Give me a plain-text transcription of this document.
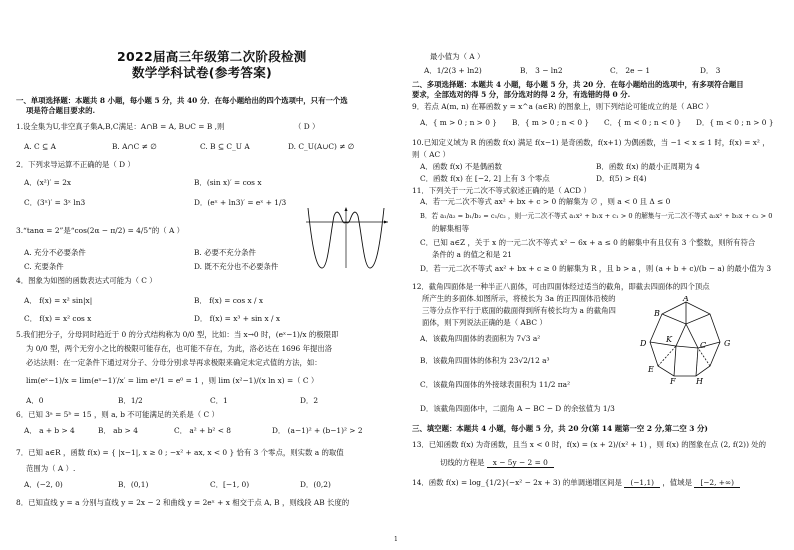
2022届高三年级第二次阶段检测
数学学科试卷(参考答案)
一、单项选择题：本题共 8 小题，每小题 5 分，共 40 分．在每小题给出的四个选项中，只有一个选
项是符合题目要求的.
1.设全集为U,非空真子集A,B,C满足：A∩B = A, B∪C = B ,则	（ D ）
A. C ⊆ A	B. A∩C ≠ ∅	C. B ⊆ C_U A	D. C_U(A∪C) ≠ ∅
2．下列求导运算不正确的是（ D ）
A．(x²)′ = 2x	B．(sin x)′ = cos x
C．(3ˣ)′ = 3ˣ ln3	D．(eˣ + ln3)′ = eˣ + 1/3
3.“tanα = 2”是“cos(2α − π/2) = 4/5”的（ A ）
A. 充分不必要条件	B. 必要不充分条件
C. 充要条件	D. 既不充分也不必要条件
4．图象为如图的函数表达式可能为（ C ）
A． f(x) = x² sin|x|	B． f(x) = cos x / x
C． f(x) = x² cos x	D． f(x) = x³ + sin x / x
5.我们把分子，分母同时趋近于 0 的分式结构称为 0/0 型，比如：当 x→0 时，(eˣ−1)/x 的极限即
为 0/0 型，两个无穷小之比的极限可能存在，也可能不存在，为此，洛必达在 1696 年提出洛
必达法则：在一定条件下通过对分子、分母分别求导再求极限来确定未定式值的方法，如：
lim(eˣ−1)/x = lim(eˣ−1)′/x′ = lim eˣ/1 = e⁰ = 1 ，则 lim (x²−1)/(x ln x) =（ C ）
A．0	B．1/2	C．1	D．2
6．已知 3ᵃ = 5ᵇ = 15 ，则 a, b 不可能满足的关系是（ C ）
A． a + b > 4	B． ab > 4	C． a² + b² < 8	D． (a−1)² + (b−1)² > 2
7．已知 a∈R ，函数 f(x) = { |x−1|, x ≥ 0 ; −x² + ax, x < 0 } 恰有 3 个零点，则实数 a 的取值
范围为（ A ）.
A．(−2, 0)	B．(0,1)	C．[−1, 0)	D．(0,2)
8．已知直线 y = a 分别与直线 y = 2x − 2 和曲线 y = 2eˣ + x 相交于点 A, B ，则线段 AB 长度的
最小值为（ A ）
A．1/2(3 + ln2)	B． 3 − ln2	C． 2e − 1	D． 3
二、多项选择题：本题共 4 小题，每小题 5 分，共 20 分．在每小题给出的选项中，有多项符合题目
要求，全部选对的得 5 分，部分选对的得 2 分，有选错的得 0 分.
9．若点 A(m, n) 在幂函数 y = x^a (a∈R) 的图象上，则下列结论可能成立的是（ ABC ）
A．{ m > 0 ; n > 0 } B．{ m > 0 ; n < 0 } C．{ m < 0 ; n < 0 } D．{ m < 0 ; n > 0 }
10.已知定义域为 R 的函数 f(x) 满足 f(x−1) 是奇函数，f(x+1) 为偶函数，当 −1 < x ≤ 1 时，f(x) = x² ，
则（ AC ）
A．函数 f(x) 不是偶函数	B．函数 f(x) 的最小正周期为 4
C．函数 f(x) 在 [−2, 2] 上有 3 个零点	D．f(5) > f(4)
11．下列关于一元二次不等式叙述正确的是（ ACD ）
A．若一元二次不等式 ax² + bx + c > 0 的解集为 ∅ ，则 a < 0 且 Δ ≤ 0
B．若 a₁/a₂ = b₁/b₂ = c₁/c₂ ，则一元二次不等式 a₁x² + b₁x + c₁ > 0 的解集与一元二次不等式 a₂x² + b₂x + c₂ > 0
的解集相等
C．已知 a∈Z ，关于 x 的一元二次不等式 x² − 6x + a ≤ 0 的解集中有且仅有 3 个整数，则所有符合
条件的 a 的值之和是 21
D．若一元二次不等式 ax² + bx + c ≥ 0 的解集为 R ，且 b > a ，则 (a + b + c)/(b − a) 的最小值为 3
12．截角四面体是一种半正八面体，可由四面体经过适当的截角，即截去四面体的四个顶点
所产生的多面体.如图所示，将棱长为 3a 的正四面体沿棱的
三等分点作平行于底面的截面得到所有棱长均为 a 的截角四
面体，则下列说法正确的是（ ABC ）
A．该截角四面体的表面积为 7√3 a²
B．该截角四面体的体积为 23√2/12 a³
C．该截角四面体的外接球表面积为 11/2 πa²
D．该截角四面体中，二面角 A − BC − D 的余弦值为 1/3
三、填空题：本题共 4 小题，每小题 5 分，共 20 分(第 14 题第一空 2 分,第二空 3 分)
13．已知函数 f(x) 为奇函数，且当 x < 0 时，f(x) = (x + 2)/(x² + 1) ，则 f(x) 的图象在点 (2, f(2)) 处的
切线的方程是 x − 5y − 2 = 0
14．函数 f(x) = log_{1/2}(−x² − 2x + 3) 的单调递增区间是 (−1,1) ，值域是 [−2, +∞)
A
B
C
D
E
F
G
H
K
1
